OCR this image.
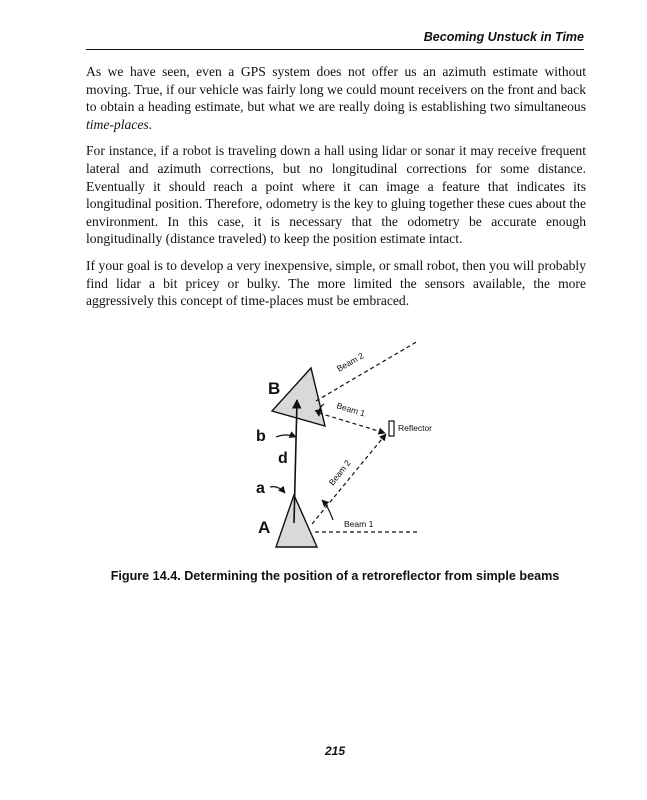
Becoming Unstuck in Time

As we have seen, even a GPS system does not offer us an azimuth estimate without moving. True, if our vehicle was fairly long we could mount receivers on the front and back to obtain a heading estimate, but what we are really doing is establishing two simultaneous time-places.

For instance, if a robot is traveling down a hall using lidar or sonar it may receive frequent lateral and azimuth corrections, but no longitudinal corrections for some distance. Eventually it should reach a point where it can image a feature that indicates its longitudinal position. Therefore, odometry is the key to gluing together these cues about the environment. In this case, it is necessary that the odometry be accurate enough longitudinally (distance traveled) to keep the position estimate intact.

If your goal is to develop a very inexpensive, simple, or small robot, then you will probably find lidar a bit pricey or bulky. The more limited the sensors available, the more aggressively this concept of time-places must be embraced.

B
A
b
a
d
Beam 2
Beam 1
Beam 2
Beam 1
Reflector
Figure 14.4. Determining the position of a retroreflector from simple beams
215
